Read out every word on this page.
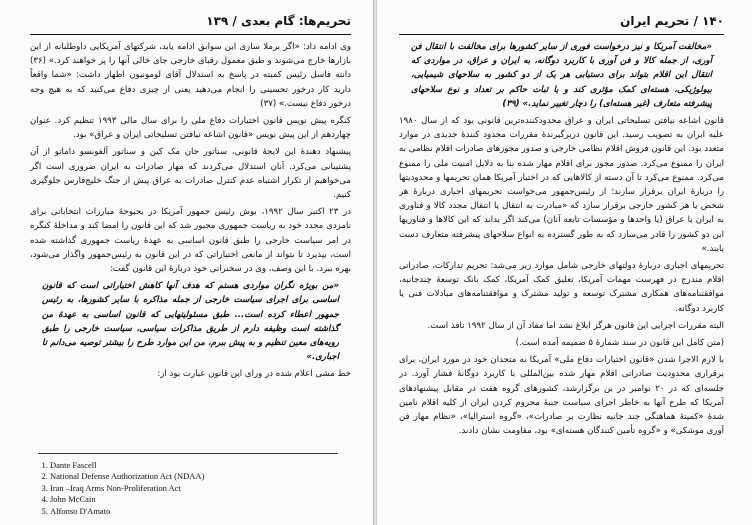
تحریم‌ها: گام بعدی / ۱۳۹

وی ادامه داد: «اگر برملا سازی این سوابق ادامه یابد، شرکتهای آمریکایی داوطلبانه از این بازارها خارج می‌شوند و طبق معمول رقبای خارجی جای خالی آنها را پر خواهند کرد.» (۳۶) دانته فاسل رئیس کمیته در پاسخ به استدلال آقای لومونیون اظهار داشت: «شما واقعاً دارید کار درخور تحسینی را انجام می‌دهید یعنی از چیزی دفاع می‌کنید که به هیچ وجه درخور دفاع نیست.» (۳۷)

کنگره پیش نویس قانون اختیارات دفاع ملی را برای سال مالی ۱۹۹۳ تنظیم کرد. عنوان چهاردهم از این پیش نویس «قانون اشاعه نیافتن تسلیحاتی ایران و عراق» بود.

پیشنهاد دهندهٔ این لایحهٔ قانونی، سناتور جان مک کین و سناتور آلفونسو داماتو از آن پشتیبانی می‌کرد. آنان استدلال می‌کردند که مهار صادرات به ایران ضروری است اگر می‌خواهیم از تکرار اشتباه عدم کنترل صادرات به عراق پیش از جنگ خلیج‌فارس جلوگیری کنیم.

در ۲۳ اکتبر سال ۱۹۹۲، بوش رئیس جمهور آمریکا در بحبوحهٔ مبارزات انتخاباتی برای نامزدی مجدد خود به ریاست جمهوری مجبور شد که این قانون را امضا کند و مداخلهٔ کنگره در امر سیاست خارجی را طبق قانون اساسی به عهدهٔ ریاست جمهوری گذاشته شده است، بپذیرد تا بتواند از مانعی اختیاراتی که در این قانون به رئیس‌جمهور واگذار می‌شود، بهره ببرد. با این وصف، وی در سخنرانی خود دربارهٔ این قانون گفت:

«من بویژه نگران مواردی هستم که هدف آنها کاهش اختیاراتی است که قانون اساسی برای اجرای سیاست خارجی از جمله مذاکره با سایر کشورها، به رئیس جمهور اعطاء کرده است... طبق مسئولیتهایی که قانون اساسی به عهدهٔ من گذاشته است وظیفه دارم از طریق مذاکرات سیاسی، سیاست خارجی را طبق رویه‌های معین تنظیم و به پیش ببرم، من این موارد طرح را بیشتر توصیه می‌دانم تا اجباری.»

خط مشی اعلام شده در ورای این قانون عبارت بود از:

1. Dante Fascell
2. National Defense Authorization Act (NDAA)
3. Iran –Iraq Arms Non-Proliferation Act
4. John McCain
5. Alfonso D'Amato
۱۴۰ / تحریم ایران

«مخالفت آمریکا و نیز درخواست فوری از سایر کشورها برای مخالفت با انتقال فن آوری، از جمله کالا و فن آوری با کاربرد دوگانه، به ایران و عراق، در مواردی که انتقال این اقلام بتواند برای دستیابی هر یک از دو کشور به سلاحهای شیمیایی، بیولوژیکی، هسته‌ای کمک مؤثری کند و یا ثبات حاکم بر تعداد و نوع سلاحهای پیشرفته متعارف (غیر هسته‌ای) را دچار تغییر نماید.» (۳۹)

قانون اشاعه نیافتن تسلیحاتی ایران و عراق محدودکننده‌ترین قانونی بود که از سال ۱۹۸۰ علیه ایران به تصویب رسید. این قانون دربرگیرندهٔ مقررات محدود کنندهٔ جدیدی در موارد متعدد بود. این قانون فروش اقلام نظامی خارجی و صدور مجوزهای صادرات اقلام نظامی به ایران را ممنوع می‌کرد. صدور مجوز برای اقلام مهار شده بنا به دلایل امنیت ملی را ممنوع می‌کرد. ممنوع می‌کرد تا آن دسته از کالاهایی که در اختیار آمریکا همان تحریمها و محدودیتها را دربارهٔ ایران برقرار سازند؛ از رئیس‌جمهور می‌خواست تحریمهای اجباری دربارهٔ هر شخص یا هر کشور خارجی برقرار سازد که «مبادرت به انتقال یا انتقال مجدد کالا و فناوری به ایران یا عراق (یا واحدها و مؤسسات تابعه آنان) می‌کند اگر بداند که این کالاها و فناوریها این دو کشور را قادر می‌سازد که به طور گسترده به انواع سلاحهای پیشرفته متعارف دست یابند.»

تحریمهای اجباری دربارهٔ دولتهای خارجی شامل موارد زیر می‌شد: تحریم تدارکات، صادراتی اقلام مندرج در فهرست مهمات آمریکا، تعلیق کمک آمریکا، کمک بانک توسعهٔ چندجانبه، موافقتنامه‌های همکاری مشترک توسعه و تولید مشترک و موافقتنامه‌های مبادلات فنی یا کاربرد دوگانه.

البته مقررات اجرایی این قانون هرگز ابلاغ نشد اما مفاد آن از سال ۱۹۹۲ نافذ است.

(متن کامل این قانون در سند شمارهٔ ۵ ضمیمه آمده است.)

با لازم الاجرا شدن «قانون اختیارات دفاع ملی» آمریکا به متحدان خود در مورد ایران، برای برقراری محدودیت صادراتی اقلام مهار شده بین‌المللی با کاربرد دوگانهٔ فشار آورد. در جلسه‌ای که در ۲۰ نوامبر در بن برگزارشد، کشورهای گروه هفت در مقابل پیشنهادهای آمریکا که طرح آنها به خاطر اجرای سیاست جنبهٔ محروم کردن ایران از کلیه اقلام نامین شدهٔ «کمیتهٔ هماهنگی جند جانبه نظارت بر صادرات»، «گروه استرالیا»، «نظام مهار فن آوری موشکی» و «گروه تأمین کنندگان هسته‌ای» بود، مقاومت نشان دادند.
